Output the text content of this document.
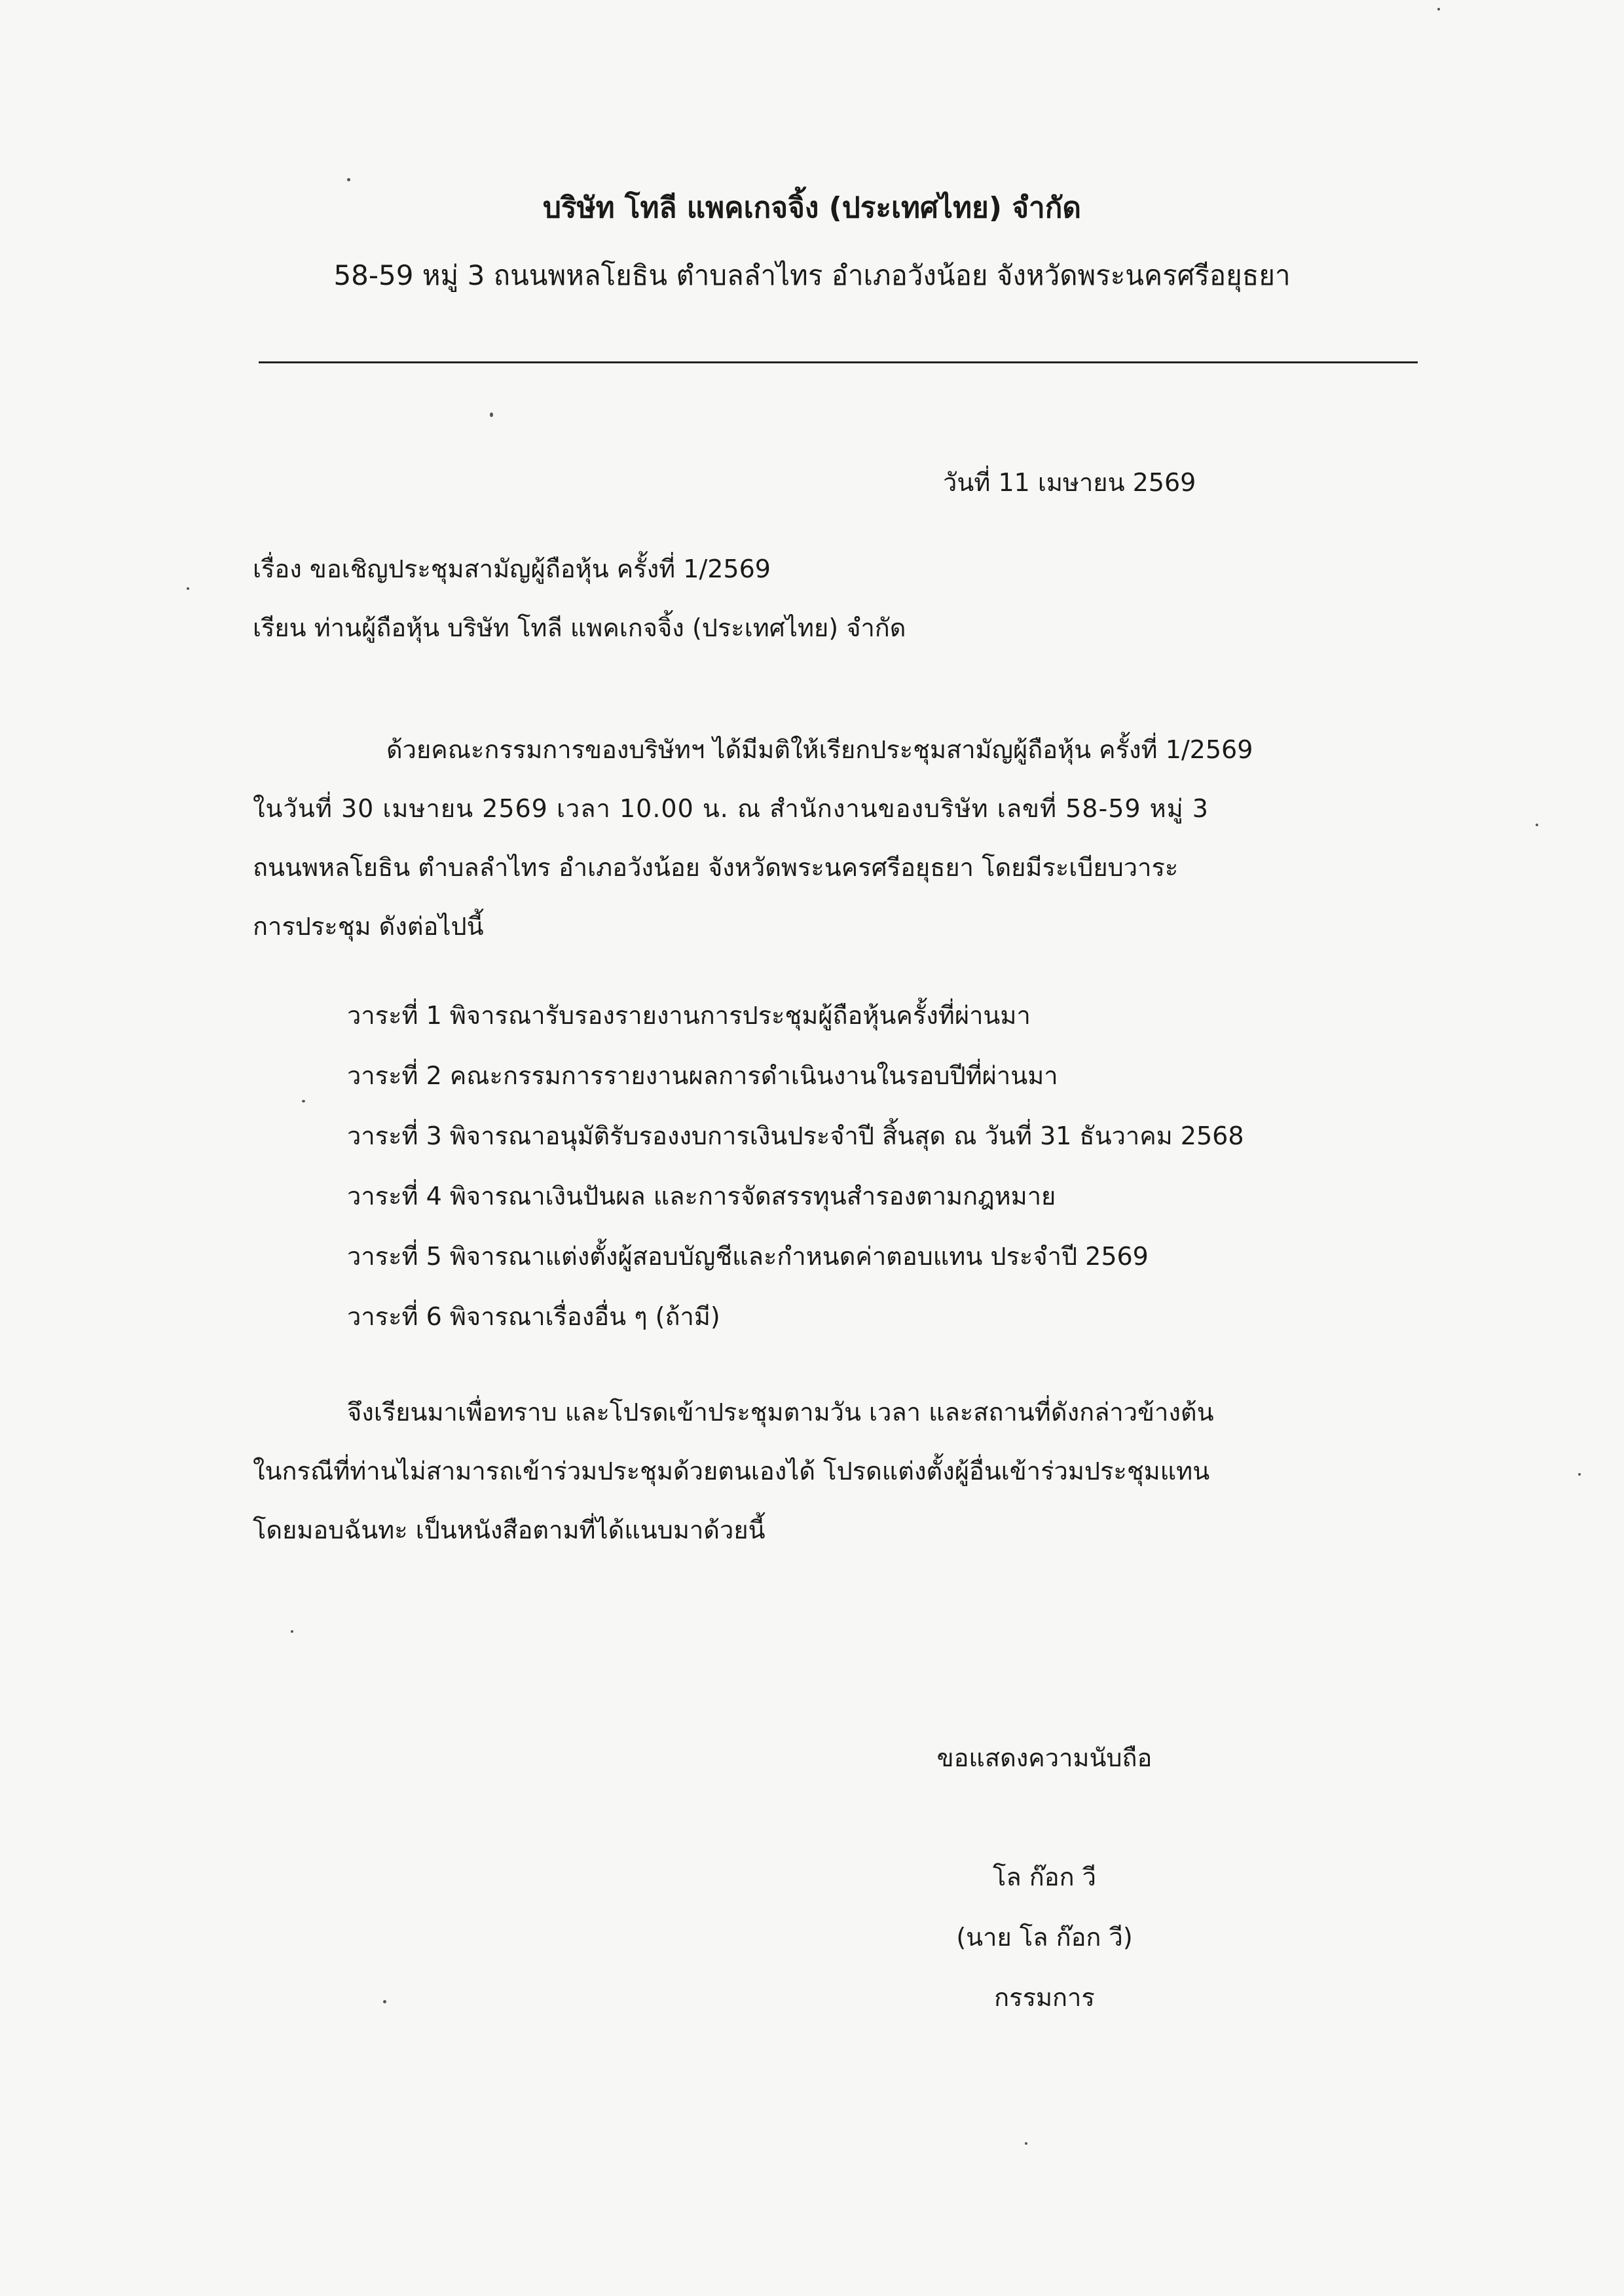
บริษัท โทลี แพคเกจจิ้ง (ประเทศไทย) จำกัด
58-59 หมู่ 3 ถนนพหลโยธิน ตำบลลำไทร อำเภอวังน้อย จังหวัดพระนครศรีอยุธยา
วันที่ 11 เมษายน 2569
เรื่อง ขอเชิญประชุมสามัญผู้ถือหุ้น ครั้งที่ 1/2569
เรียน ท่านผู้ถือหุ้น บริษัท โทลี แพคเกจจิ้ง (ประเทศไทย) จำกัด
ด้วยคณะกรรมการของบริษัทฯ ได้มีมติให้เรียกประชุมสามัญผู้ถือหุ้น ครั้งที่ 1/2569
ในวันที่ 30 เมษายน 2569 เวลา 10.00 น. ณ สำนักงานของบริษัท เลขที่ 58-59 หมู่ 3
ถนนพหลโยธิน ตำบลลำไทร อำเภอวังน้อย จังหวัดพระนครศรีอยุธยา โดยมีระเบียบวาระ
การประชุม ดังต่อไปนี้
วาระที่ 1 พิจารณารับรองรายงานการประชุมผู้ถือหุ้นครั้งที่ผ่านมา
วาระที่ 2 คณะกรรมการรายงานผลการดำเนินงานในรอบปีที่ผ่านมา
วาระที่ 3 พิจารณาอนุมัติรับรองงบการเงินประจำปี สิ้นสุด ณ วันที่ 31 ธันวาคม 2568
วาระที่ 4 พิจารณาเงินปันผล และการจัดสรรทุนสำรองตามกฎหมาย
วาระที่ 5 พิจารณาแต่งตั้งผู้สอบบัญชีและกำหนดค่าตอบแทน ประจำปี 2569
วาระที่ 6 พิจารณาเรื่องอื่น ๆ (ถ้ามี)
จึงเรียนมาเพื่อทราบ และโปรดเข้าประชุมตามวัน เวลา และสถานที่ดังกล่าวข้างต้น
ในกรณีที่ท่านไม่สามารถเข้าร่วมประชุมด้วยตนเองได้ โปรดแต่งตั้งผู้อื่นเข้าร่วมประชุมแทน
โดยมอบฉันทะ เป็นหนังสือตามที่ได้แนบมาด้วยนี้
ขอแสดงความนับถือ
โล ก๊อก วี
(นาย โล ก๊อก วี)
กรรมการ
